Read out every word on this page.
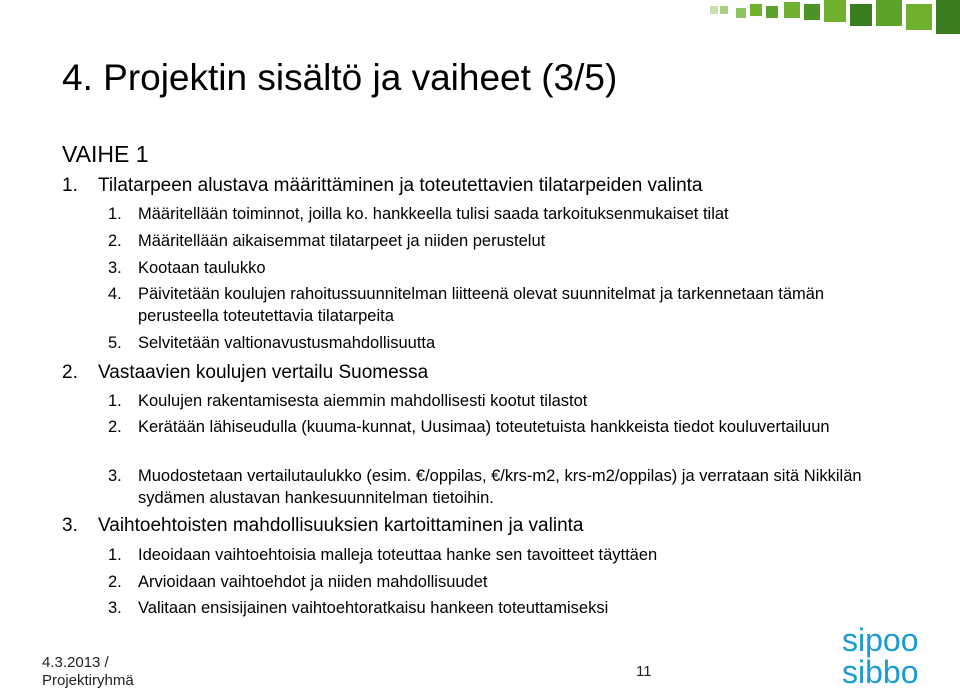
4. Projektin sisältö ja vaiheet (3/5)
VAIHE 1
1. Tilatarpeen alustava määrittäminen ja toteutettavien tilatarpeiden valinta
1. Määritellään toiminnot, joilla ko. hankkeella tulisi saada tarkoituksenmukaiset tilat
2. Määritellään aikaisemmat tilatarpeet ja niiden perustelut
3. Kootaan taulukko
4. Päivitetään koulujen rahoitussuunnitelman liitteenä olevat suunnitelmat ja tarkennetaan tämän perusteella toteutettavia tilatarpeita
5. Selvitetään valtionavustusmahdollisuutta
2. Vastaavien koulujen vertailu Suomessa
1. Koulujen rakentamisesta aiemmin mahdollisesti kootut tilastot
2. Kerätään lähiseudulla (kuuma-kunnat, Uusimaa) toteutetuista hankkeista tiedot kouluvertailuun
3. Muodostetaan vertailutaulukko (esim. €/oppilas, €/krs-m2, krs-m2/oppilas) ja verrataan sitä Nikkilän sydämen alustavan hankesuunnitelman tietoihin.
3. Vaihtoehtoisten mahdollisuuksien kartoittaminen ja valinta
1. Ideoidaan vaihtoehtoisia malleja toteuttaa hanke sen tavoitteet täyttäen
2. Arvioidaan vaihtoehdot ja niiden mahdollisuudet
3. Valitaan ensisijainen vaihtoehtoratkaisu hankeen toteuttamiseksi
4.3.2013 /
Projektiryhmä
11
sipoo
sibbo
